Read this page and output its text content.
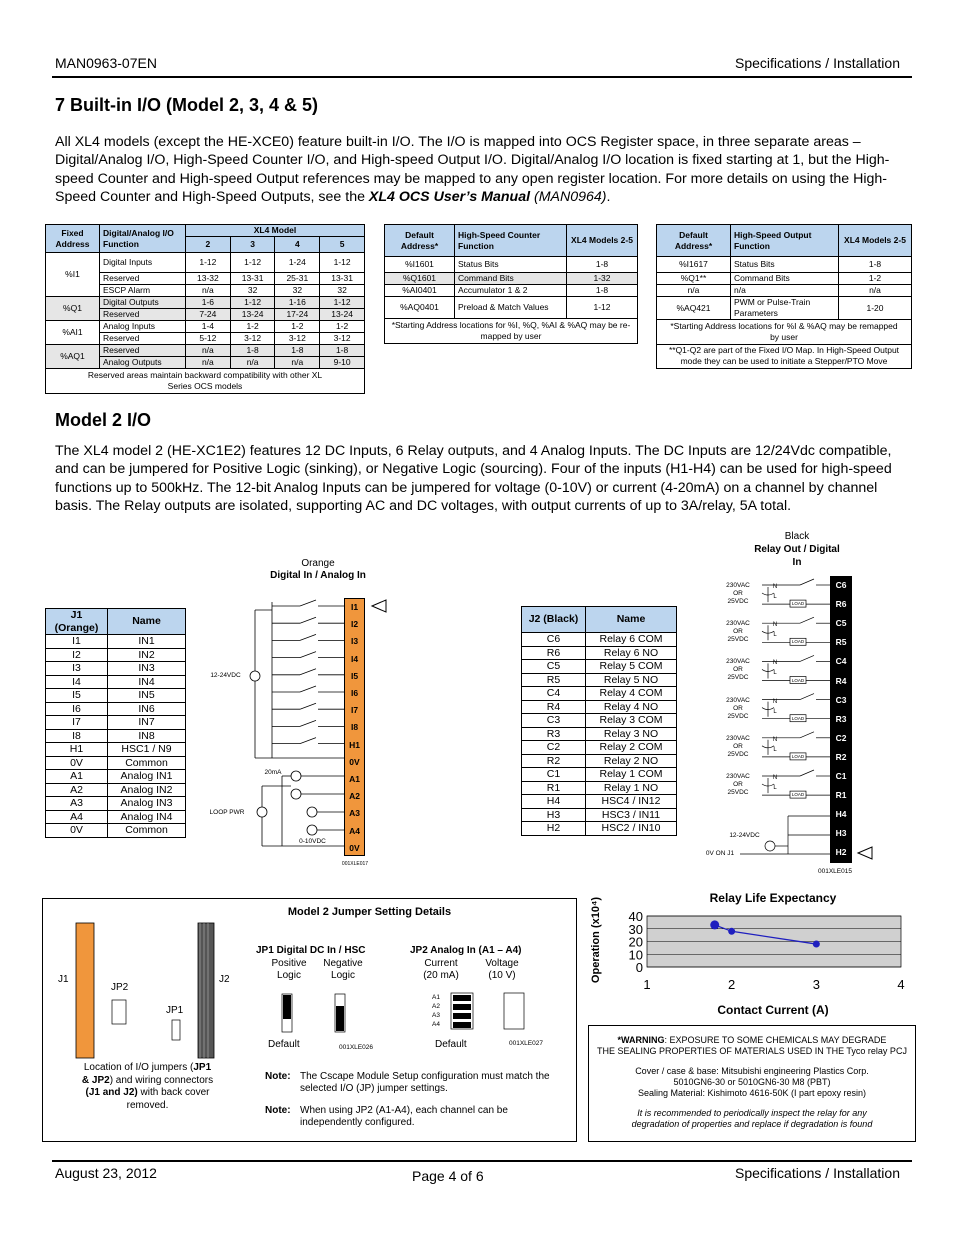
MAN0963-07EN	Specifications / Installation
7 Built-in I/O (Model 2, 3, 4 & 5)
All XL4 models (except the HE-XCE0) feature built-in I/O. The I/O is mapped into OCS Register space, in three separate areas – Digital/Analog I/O, High-Speed Counter I/O, and High-speed Output I/O. Digital/Analog I/O location is fixed starting at 1, but the High-speed Counter and High-speed Output references may be mapped to any open register location. For more details on using the High-Speed Counter and High-Speed Outputs, see the XL4 OCS User’s Manual (MAN0964).
Fixed Address	Digital/Analog I/O Function	XL4 Model			
		2	3	4	5
%I1	Digital Inputs	1-12	1-12	1-24	1-12
	Reserved	13-32	13-31	25-31	13-31
	ESCP Alarm	n/a	32	32	32
%Q1	Digital Outputs	1-6	1-12	1-16	1-12
	Reserved	7-24	13-24	17-24	13-24
%AI1	Analog Inputs	1-4	1-2	1-2	1-2
	Reserved	5-12	3-12	3-12	3-12
%AQ1	Reserved	n/a	1-8	1-8	1-8
	Analog Outputs	n/a	n/a	n/a	9-10
Reserved areas maintain backward compatibility with other XL Series OCS models					
Default Address*	High-Speed Counter Function	XL4 Models 2-5
%I1601	Status Bits	1-8
%Q1601	Command Bits	1-32
%AI0401	Accumulator 1 & 2	1-8
%AQ0401	Preload & Match Values	1-12
*Starting Address locations for %I, %Q, %AI & %AQ may be re-mapped by user		
Default Address*	High-Speed Output Function	XL4 Models 2-5
%I1617	Status Bits	1-8
%Q1**	Command Bits	1-2
n/a	n/a	n/a
%AQ421	PWM or Pulse-Train Parameters	1-20
*Starting Address locations for %I & %AQ may be remapped by user		
**Q1-Q2 are part of the Fixed I/O Map. In High-Speed Output mode they can be used to initiate a Stepper/PTO Move		
Model 2 I/O
The XL4 model 2 (HE-XC1E2) features 12 DC Inputs, 6 Relay outputs, and 4 Analog Inputs. The DC Inputs are 12/24Vdc compatible, and can be jumpered for Positive Logic (sinking), or Negative Logic (sourcing). Four of the inputs (H1-H4) can be used for high-speed functions up to 500kHz. The 12-bit Analog Inputs can be jumpered for voltage (0-10V) or current (4-20mA) on a channel by channel basis. The Relay outputs are isolated, supporting AC and DC voltages, with output currents of up to 3A/relay, 5A total.
J1 (Orange)	Name
I1	IN1
I2	IN2
I3	IN3
I4	IN4
I5	IN5
I6	IN6
I7	IN7
I8	IN8
H1	HSC1 / N9
0V	Common
A1	Analog IN1
A2	Analog IN2
A3	Analog IN3
A4	Analog IN4
0V	Common
J2 (Black)	Name
C6	Relay 6 COM
R6	Relay 6 NO
C5	Relay 5 COM
R5	Relay 5 NO
C4	Relay 4 COM
R4	Relay 4 NO
C3	Relay 3 COM
R3	Relay 3 NO
C2	Relay 2 COM
R2	Relay 2 NO
C1	Relay 1 COM
R1	Relay 1 NO
H4	HSC4 / IN12
H3	HSC3 / IN11
H2	HSC2 / IN10
Orange
Digital In / Analog In
I1
I2
I3
I4
I5
I6
I7
I8
H1
0V
A1
A2
A3
A4
0V
12-24VDC
20mA
LOOP PWR
0-10VDC
001XLE017
Black
Relay Out / Digital In
C6
R6
C5
R5
C4
R4
C3
R3
C2
R2
C1
R1
H4
H3
H2
230VAC
OR
25VDC
N
L
LOAD
230VAC
OR
25VDC
N
L
LOAD
230VAC
OR
25VDC
N
L
LOAD
230VAC
OR
25VDC
N
L
LOAD
230VAC
OR
25VDC
N
L
LOAD
230VAC
OR
25VDC
N
L
LOAD
12-24VDC
0V ON J1
001XLE015
Model 2 Jumper Setting Details
J1	J2
JP2
JP1
Location of I/O jumpers (JP1 & JP2) and wiring connectors (J1 and J2) with back cover removed.
JP1 Digital DC In / HSC
Positive Logic
Negative Logic
Default	001XLE026
JP2 Analog In (A1 – A4)
Current (20 mA)
Voltage (10 V)
A1
A2
A3
A4
Default	001XLE027
Note: The Cscape Module Setup configuration must match the selected I/O (JP) jumper settings.
Note: When using JP2 (A1-A4), each channel can be independently configured.
Relay Life Expectancy
0
10
20
30
40
1	2	3	4
Operation (x10⁴)
Contact Current (A)
*WARNING: EXPOSURE TO SOME CHEMICALS MAY DEGRADE
THE SEALING PROPERTIES OF MATERIALS USED IN THE Tyco relay PCJ
Cover / case & base: Mitsubishi engineering Plastics Corp. 5010GN6-30 or 5010GN6-30 M8 (PBT)
Sealing Material: Kishimoto 4616-50K (I part epoxy resin)
It is recommended to periodically inspect the relay for any degradation of properties and replace if degradation is found
August 23, 2012	Page 4 of 6	Specifications / Installation
